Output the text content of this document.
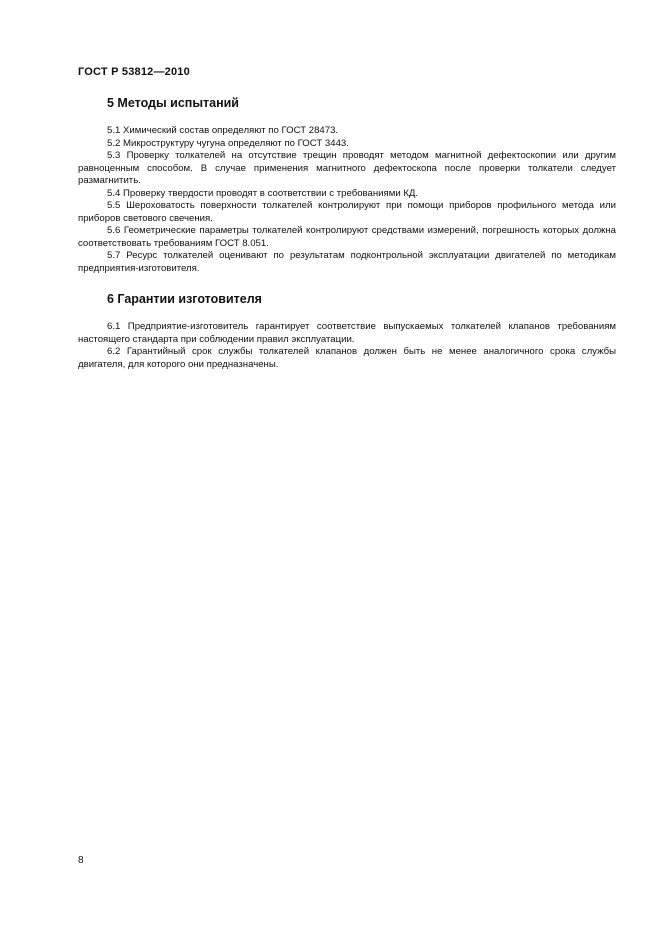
ГОСТ Р 53812—2010
5 Методы испытаний

5.1 Химический состав определяют по ГОСТ 28473.

5.2 Микроструктуру чугуна определяют по ГОСТ 3443.

5.3 Проверку толкателей на отсутствие трещин проводят методом магнитной дефектоскопии или другим равноценным способом. В случае применения магнитного дефектоскопа после проверки толкатели следует размагнитить.

5.4 Проверку твердости проводят в соответствии с требованиями КД.

5.5 Шероховатость поверхности толкателей контролируют при помощи приборов профильного метода или приборов светового свечения.

5.6 Геометрические параметры толкателей контролируют средствами измерений, погрешность которых должна соответствовать требованиям ГОСТ 8.051.

5.7 Ресурс толкателей оценивают по результатам подконтрольной эксплуатации двигателей по методикам предприятия-изготовителя.

6 Гарантии изготовителя

6.1 Предприятие-изготовитель гарантирует соответствие выпускаемых толкателей клапанов требованиям настоящего стандарта при соблюдении правил эксплуатации.

6.2 Гарантийный срок службы толкателей клапанов должен быть не менее аналогичного срока службы двигателя, для которого они предназначены.

8
